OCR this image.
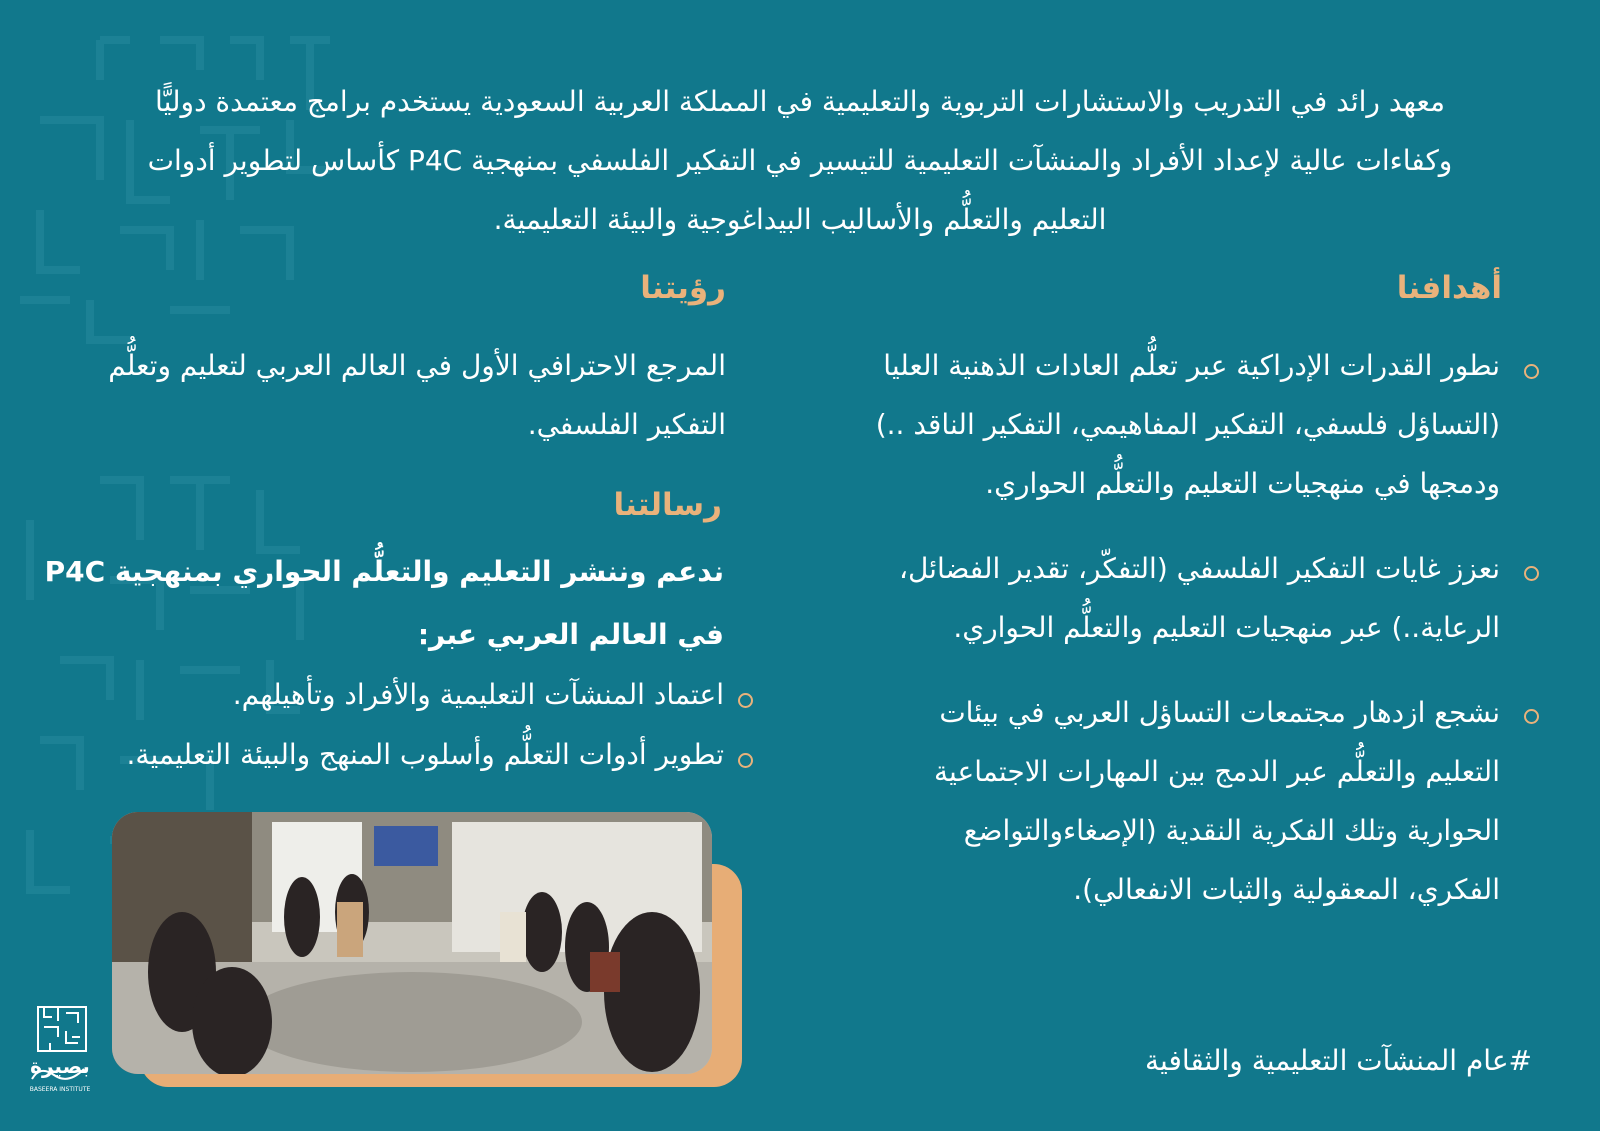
معهد رائد في التدريب والاستشارات التربوية والتعليمية في المملكة العربية السعودية يستخدم برامج معتمدة دوليًّا
وكفاءات عالية لإعداد الأفراد والمنشآت التعليمية للتيسير في التفكير الفلسفي بمنهجية P4C كأساس لتطوير أدوات
التعليم والتعلُّم والأساليب البيداغوجية والبيئة التعليمية.
أهدافنا
نطور القدرات الإدراكية عبر تعلُّم العادات الذهنية العليا
(التساؤل فلسفي، التفكير المفاهيمي، التفكير الناقد ..)
ودمجها في منهجيات التعليم والتعلُّم الحواري.
نعزز غايات التفكير الفلسفي (التفكّر، تقدير الفضائل،
الرعاية..) عبر منهجيات التعليم والتعلُّم الحواري.
نشجع ازدهار مجتمعات التساؤل العربي في بيئات
التعليم والتعلُّم عبر الدمج بين المهارات الاجتماعية
الحوارية وتلك الفكرية النقدية (الإصغاءوالتواضع
الفكري، المعقولية والثبات الانفعالي).
رؤيتنا
المرجع الاحترافي الأول في العالم العربي لتعليم وتعلُّم
التفكير الفلسفي.
رسالتنا
ندعم وننشر التعليم والتعلُّم الحواري بمنهجية P4C
في العالم العربي عبر:
اعتماد المنشآت التعليمية والأفراد وتأهيلهم.
تطوير أدوات التعلُّم وأسلوب المنهج والبيئة التعليمية.
#عام المنشآت التعليمية والثقافية
بصيرة
BASEERA INSTITUTE
